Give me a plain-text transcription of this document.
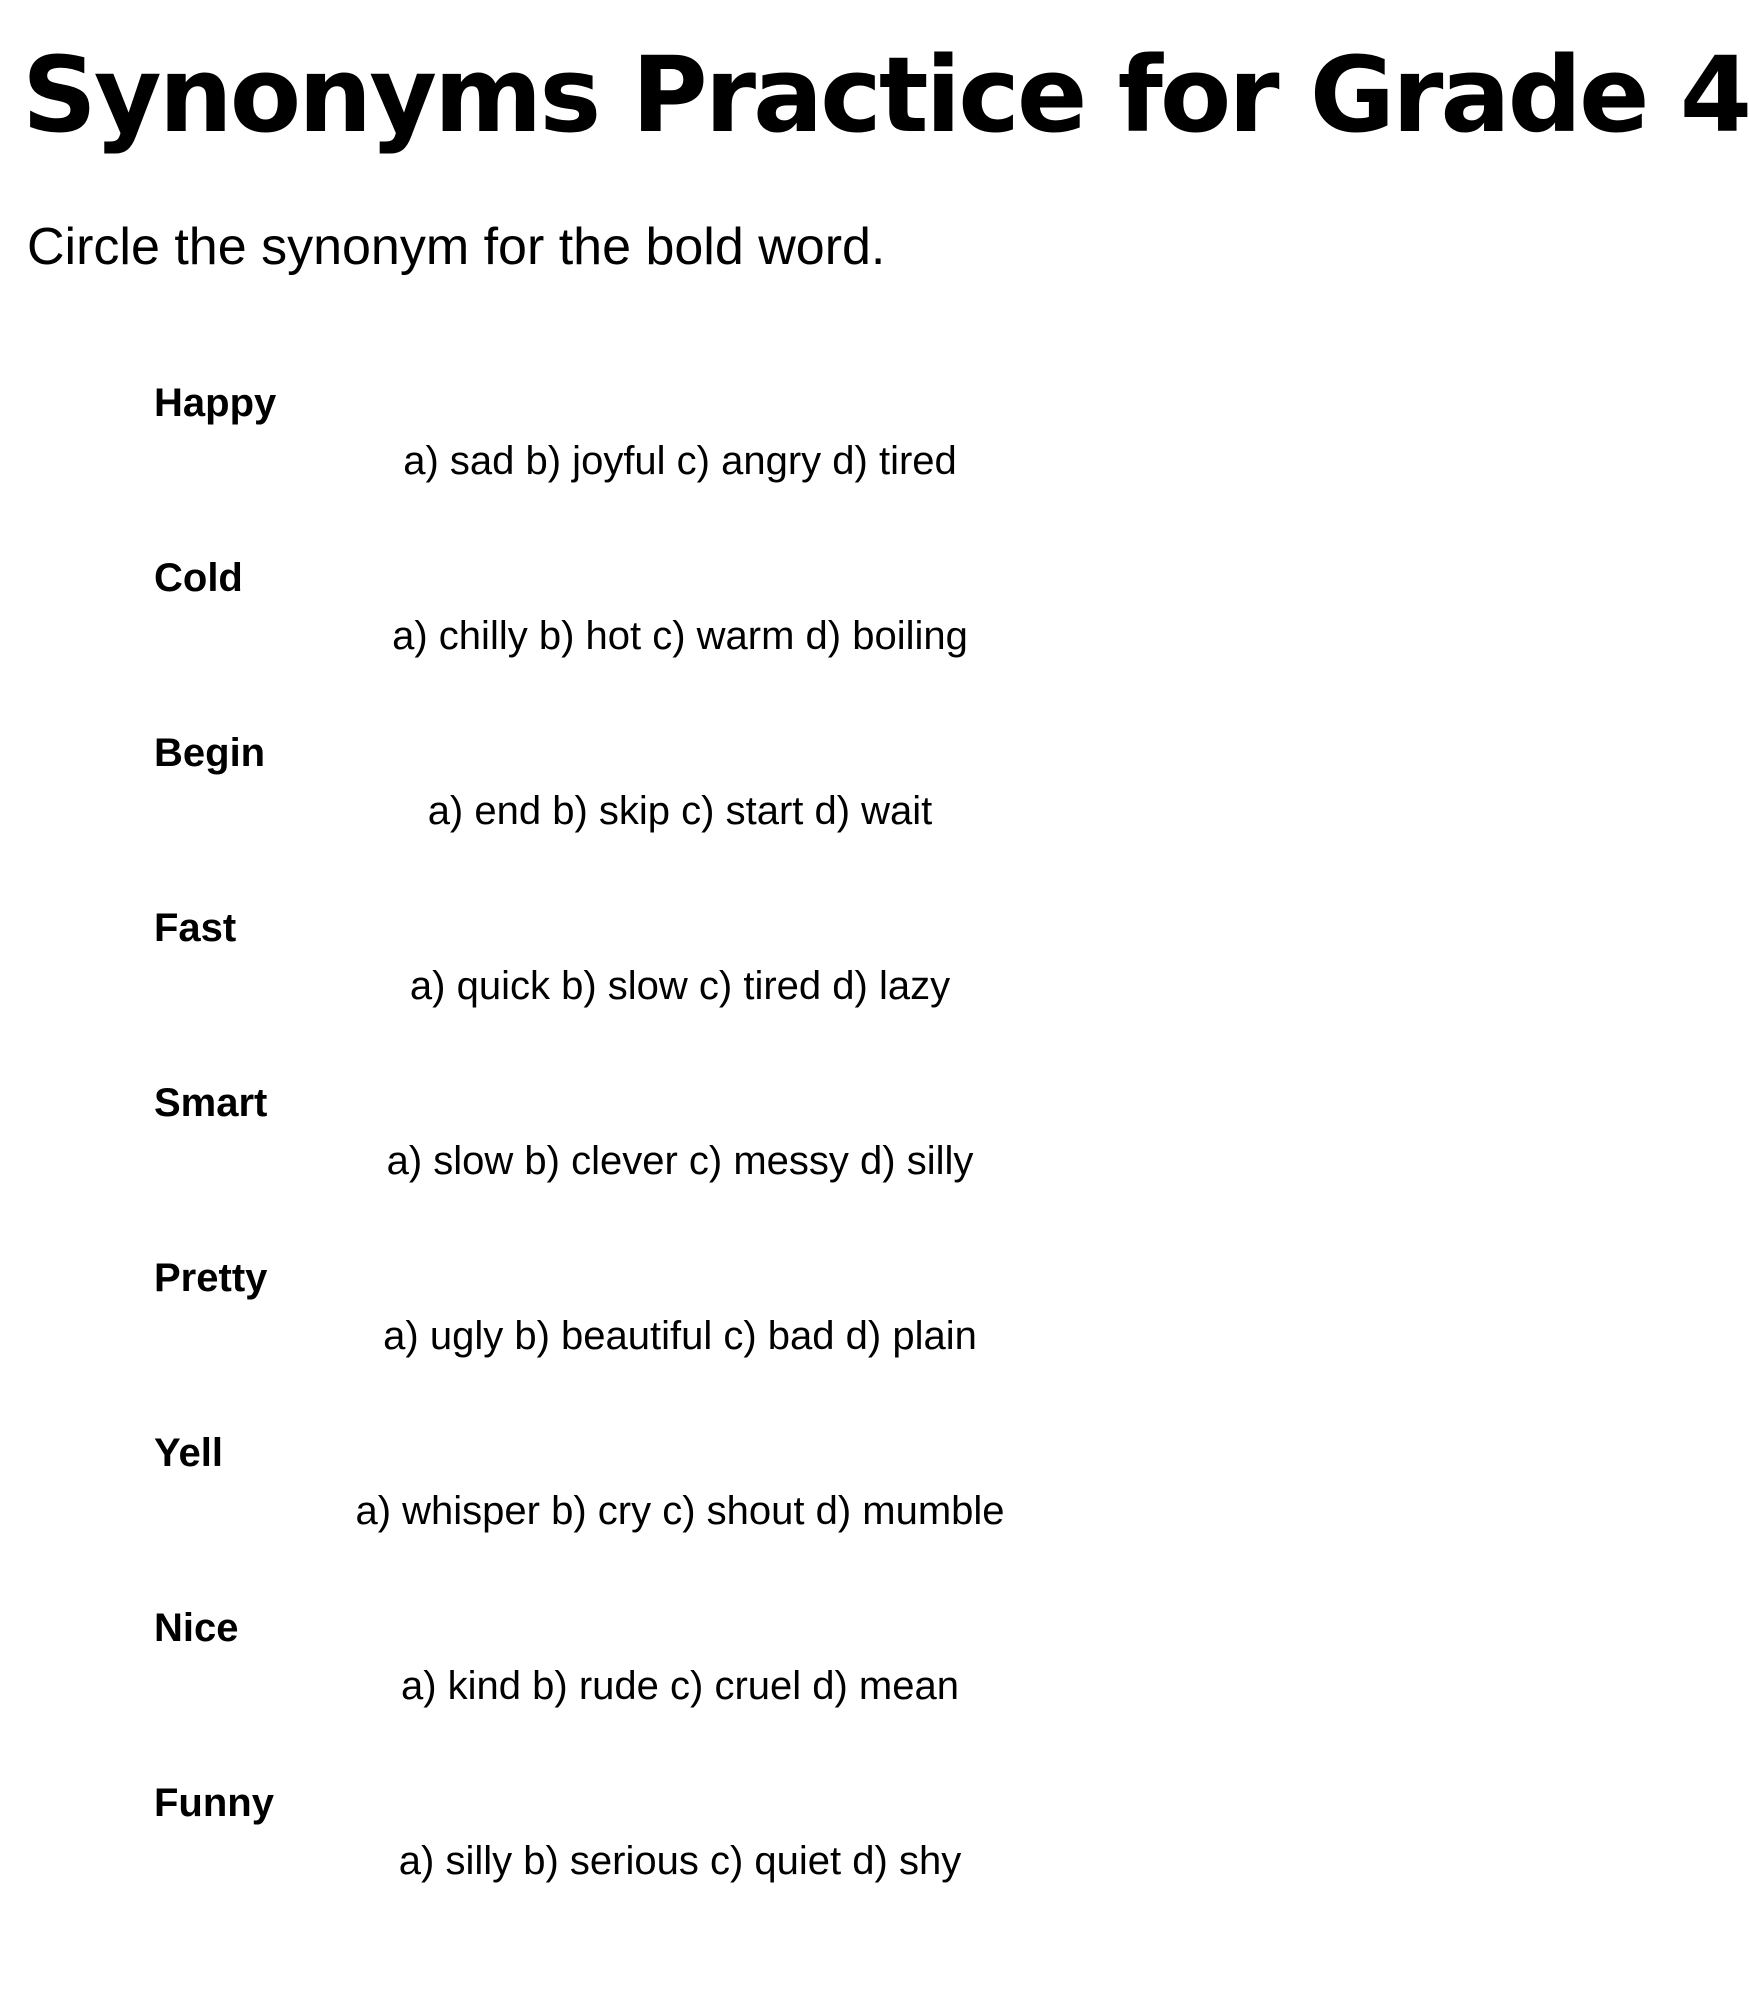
Synonyms Practice for Grade 4

Circle the synonym for the bold word.

Happy
a) sad b) joyful c) angry d) tired
Cold
a) chilly b) hot c) warm d) boiling
Begin
a) end b) skip c) start d) wait
Fast
a) quick b) slow c) tired d) lazy
Smart
a) slow b) clever c) messy d) silly
Pretty
a) ugly b) beautiful c) bad d) plain
Yell
a) whisper b) cry c) shout d) mumble
Nice
a) kind b) rude c) cruel d) mean
Funny
a) silly b) serious c) quiet d) shy
